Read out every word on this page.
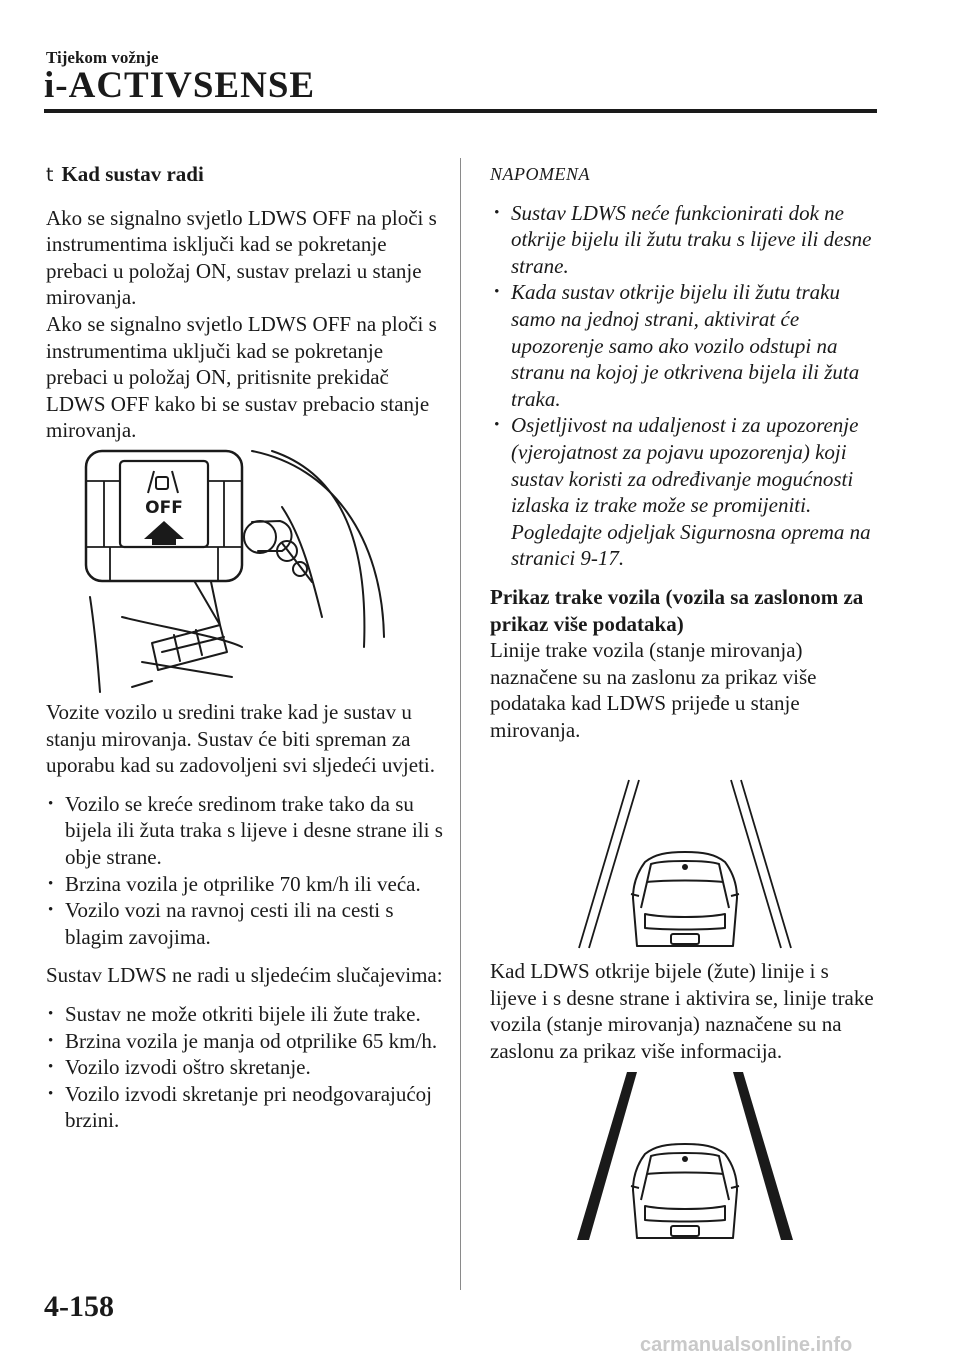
Tijekom vožnje
i-ACTIVSENSE

t Kad sustav radi

Ako se signalno svjetlo LDWS OFF na ploči s instrumentima isključi kad se pokretanje prebaci u položaj ON, sustav prelazi u stanje mirovanja.

Ako se signalno svjetlo LDWS OFF na ploči s instrumentima uključi kad se pokretanje prebaci u položaj ON, pritisnite prekidač LDWS OFF kako bi se sustav prebacio stanje mirovanja.

OFF

Vozite vozilo u sredini trake kad je sustav u stanju mirovanja. Sustav će biti spreman za uporabu kad su zadovoljeni svi sljedeći uvjeti.

• Vozilo se kreće sredinom trake tako da su bijela ili žuta traka s lijeve i desne strane ili s obje strane.
• Brzina vozila je otprilike 70 km/h ili veća.
• Vozilo vozi na ravnoj cesti ili na cesti s blagim zavojima.

Sustav LDWS ne radi u sljedećim slučajevima:

• Sustav ne može otkriti bijele ili žute trake.
• Brzina vozila je manja od otprilike 65 km/h.
• Vozilo izvodi oštro skretanje.
• Vozilo izvodi skretanje pri neodgovarajućoj brzini.

NAPOMENA

• Sustav LDWS neće funkcionirati dok ne otkrije bijelu ili žutu traku s lijeve ili desne strane.
• Kada sustav otkrije bijelu ili žutu traku samo na jednoj strani, aktivirat će upozorenje samo ako vozilo odstupi na stranu na kojoj je otkrivena bijela ili žuta traka.
• Osjetljivost na udaljenost i za upozorenje (vjerojatnost za pojavu upozorenja) koji sustav koristi za određivanje mogućnosti izlaska iz trake može se promijeniti.
Pogledajte odjeljak Sigurnosna oprema na stranici 9-17.

Prikaz trake vozila (vozila sa zaslonom za prikaz više podataka)

Linije trake vozila (stanje mirovanja) naznačene su na zaslonu za prikaz više podataka kad LDWS prijeđe u stanje mirovanja.

Kad LDWS otkrije bijele (žute) linije i s lijeve i s desne strane i aktivira se, linije trake vozila (stanje mirovanja) naznačene su na zaslonu za prikaz više informacija.

4-158
carmanualsonline.info
